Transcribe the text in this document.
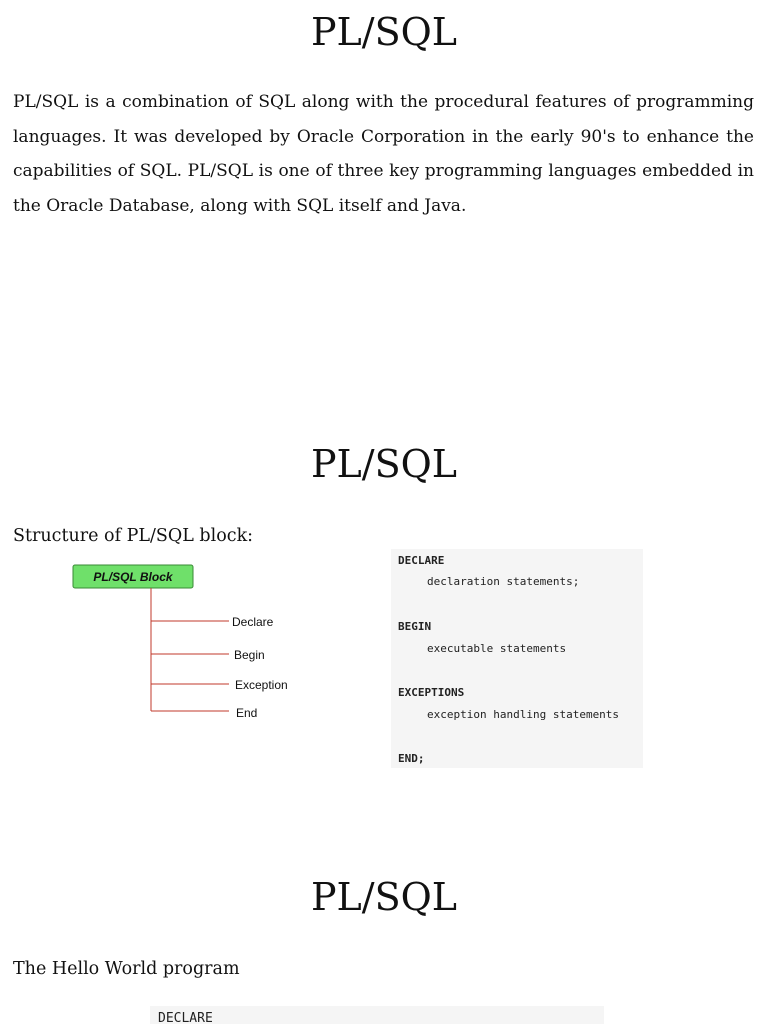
PL/SQL

PL/SQL is a combination of SQL along with the procedural features of programming languages. It was developed by Oracle Corporation in the early 90's to enhance the capabilities of SQL. PL/SQL is one of three key programming languages embedded in the Oracle Database, along with SQL itself and Java.

PL/SQL

Structure of PL/SQL block:

PL/SQL Block
Declare
Begin
Exception
End
DECLARE
declaration statements;
BEGIN
executable statements
EXCEPTIONS
exception handling statements
END;
PL/SQL

The Hello World program

DECLARE
